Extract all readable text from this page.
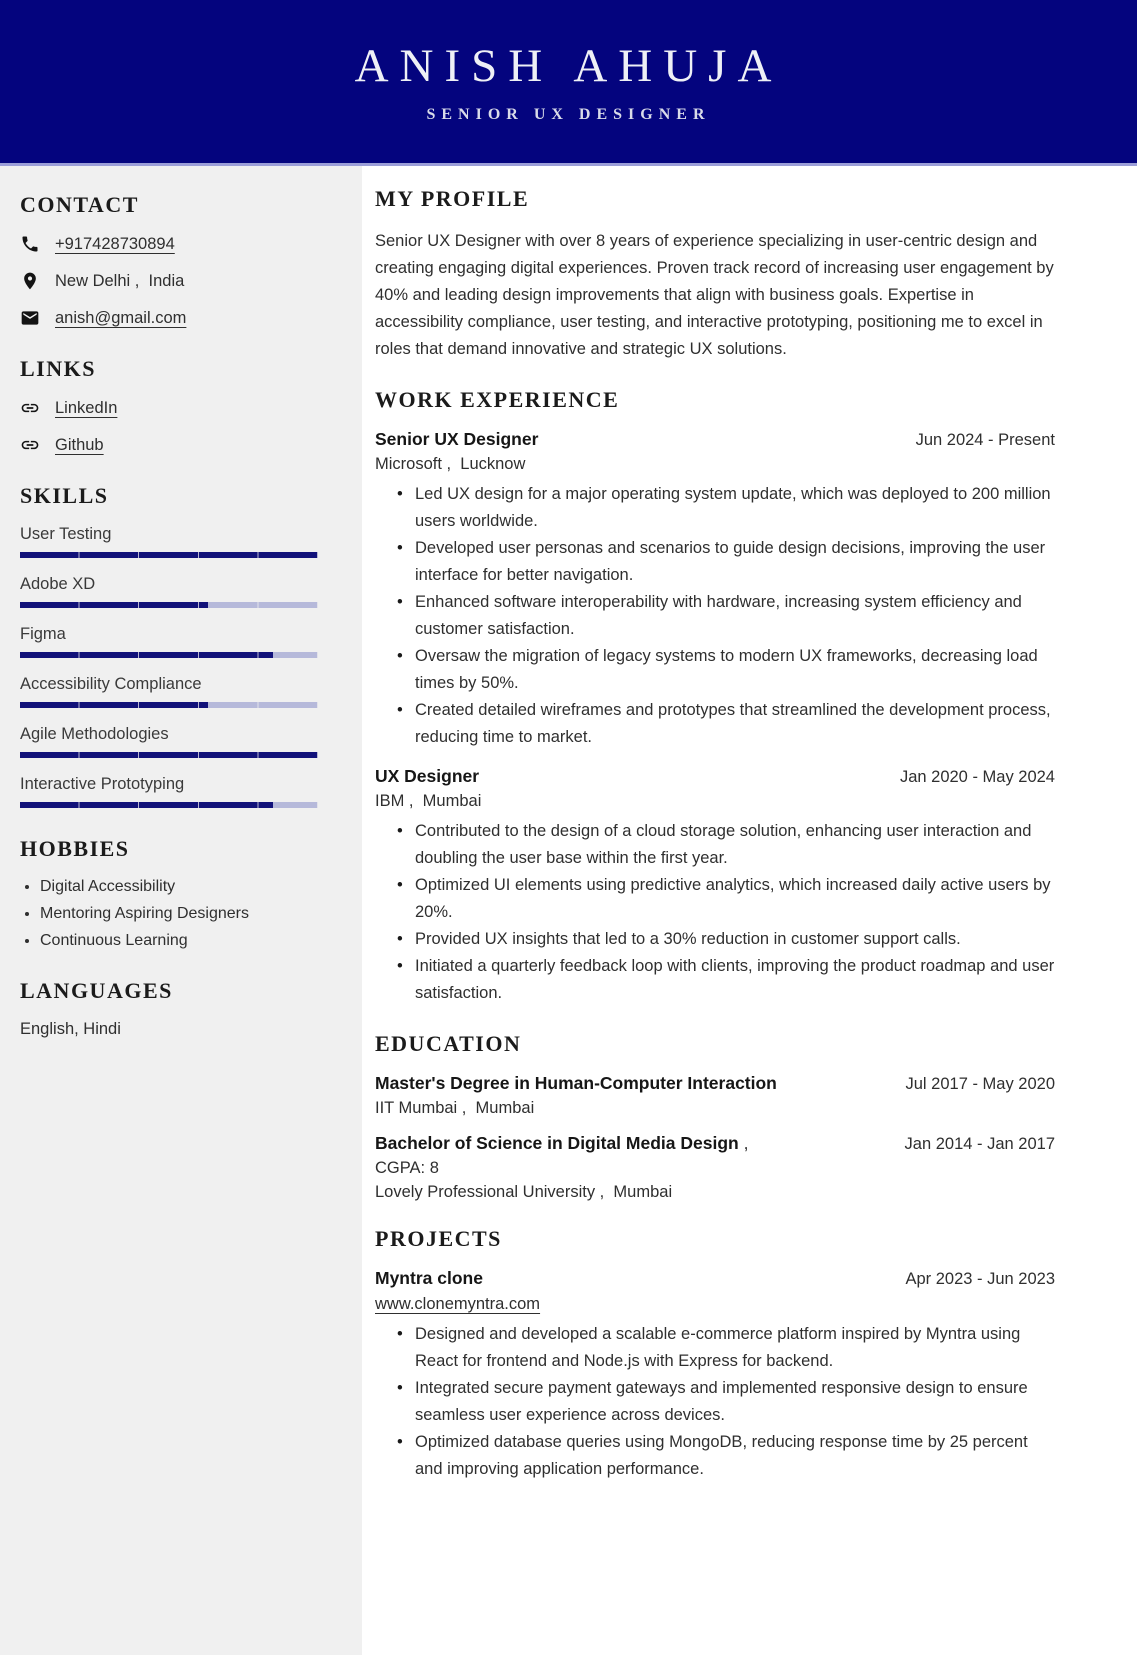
ANISH AHUJA
SENIOR UX DESIGNER
CONTACT
+917428730894
New Delhi ,  India
anish@gmail.com
LINKS
LinkedIn
Github
SKILLS
User Testing
Adobe XD
Figma
Accessibility Compliance
Agile Methodologies
Interactive Prototyping
HOBBIES
• Digital Accessibility
• Mentoring Aspiring Designers
• Continuous Learning
LANGUAGES
English, Hindi
MY PROFILE

Senior UX Designer with over 8 years of experience specializing in user-centric design and creating engaging digital experiences. Proven track record of increasing user engagement by 40% and leading design improvements that align with business goals. Expertise in accessibility compliance, user testing, and interactive prototyping, positioning me to excel in roles that demand innovative and strategic UX solutions.

WORK EXPERIENCE
Senior UX Designer	Jun 2024 - Present
Microsoft ,  Lucknow
• Led UX design for a major operating system update, which was deployed to 200 million users worldwide.
• Developed user personas and scenarios to guide design decisions, improving the user interface for better navigation.
• Enhanced software interoperability with hardware, increasing system efficiency and customer satisfaction.
• Oversaw the migration of legacy systems to modern UX frameworks, decreasing load times by 50%.
• Created detailed wireframes and prototypes that streamlined the development process, reducing time to market.
UX Designer	Jan 2020 - May 2024
IBM ,  Mumbai
• Contributed to the design of a cloud storage solution, enhancing user interaction and doubling the user base within the first year.
• Optimized UI elements using predictive analytics, which increased daily active users by 20%.
• Provided UX insights that led to a 30% reduction in customer support calls.
• Initiated a quarterly feedback loop with clients, improving the product roadmap and user satisfaction.
EDUCATION
Master's Degree in Human-Computer Interaction	Jul 2017 - May 2020
IIT Mumbai ,  Mumbai
Bachelor of Science in Digital Media Design ,	Jan 2014 - Jan 2017
CGPA: 8
Lovely Professional University ,  Mumbai
PROJECTS
Myntra clone	Apr 2023 - Jun 2023
www.clonemyntra.com
• Designed and developed a scalable e-commerce platform inspired by Myntra using React for frontend and Node.js with Express for backend.
• Integrated secure payment gateways and implemented responsive design to ensure seamless user experience across devices.
• Optimized database queries using MongoDB, reducing response time by 25 percent and improving application performance.
